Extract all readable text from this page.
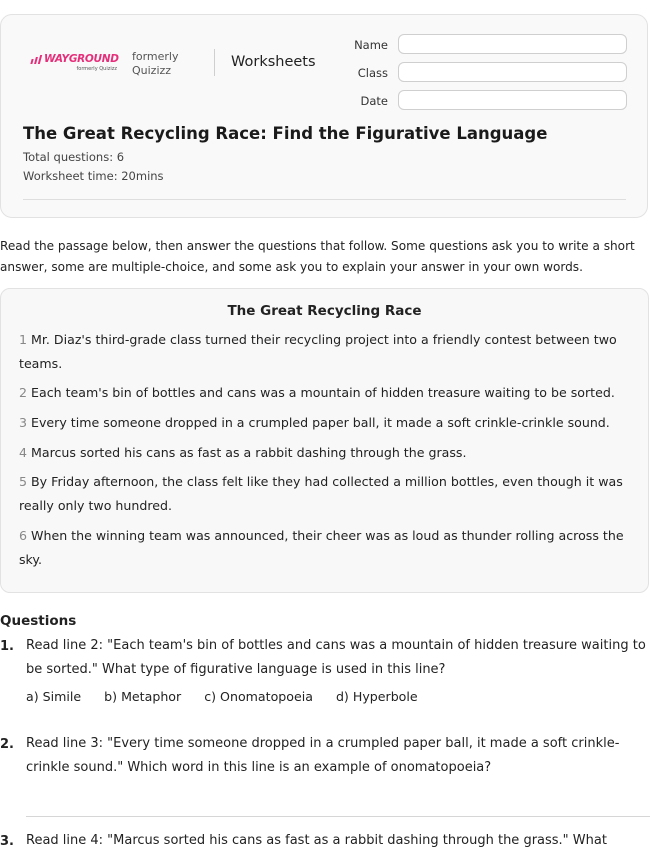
WAYGROUND
formerly Quizizz
formerly
Quizizz
Worksheets
Name
Class
Date
The Great Recycling Race: Find the Figurative Language
Total questions: 6
Worksheet time: 20mins
Read the passage below, then answer the questions that follow. Some questions ask you to write a short answer, some are multiple-choice, and some ask you to explain your answer in your own words.
The Great Recycling Race
1 Mr. Diaz's third-grade class turned their recycling project into a friendly contest between two teams.
2 Each team's bin of bottles and cans was a mountain of hidden treasure waiting to be sorted.
3 Every time someone dropped in a crumpled paper ball, it made a soft crinkle-crinkle sound.
4 Marcus sorted his cans as fast as a rabbit dashing through the grass.
5 By Friday afternoon, the class felt like they had collected a million bottles, even though it was really only two hundred.
6 When the winning team was announced, their cheer was as loud as thunder rolling across the sky.
Questions
1. Read line 2: "Each team's bin of bottles and cans was a mountain of hidden treasure waiting to be sorted." What type of figurative language is used in this line?
a) Simile b) Metaphor c) Onomatopoeia d) Hyperbole
2. Read line 3: "Every time someone dropped in a crumpled paper ball, it made a soft crinkle-crinkle sound." Which word in this line is an example of onomatopoeia?
3. Read line 4: "Marcus sorted his cans as fast as a rabbit dashing through the grass." What
